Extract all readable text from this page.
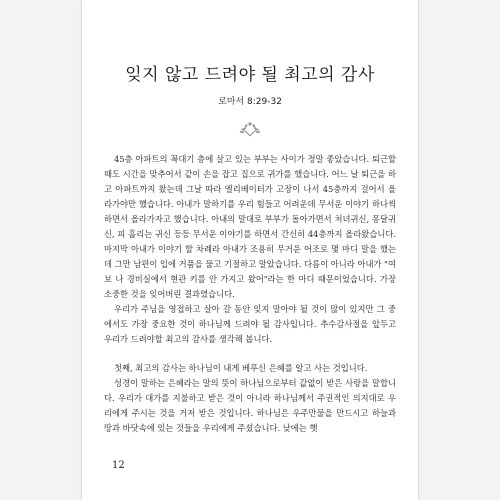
잊지 않고 드려야 될 최고의 감사
로마서 8:29-32

45층 아파트의 꼭대기 층에 살고 있는 부부는 사이가 정말 좋았습니다. 퇴근할 때도 시간을 맞추어서 같이 손을 잡고 집으로 귀가를 했습니다. 어느 날 퇴근을 하고 아파트까지 왔는데 그날 따라 엘리베이터가 고장이 나서 45층까지 걸어서 올라가야만 했습니다. 아내가 말하기를 우리 힘들고 어려운데 무서운 이야기 하나씩 하면서 올라가자고 했습니다. 아내의 말대로 부부가 돌아가면서 처녀귀신, 몽달귀신, 피 흘리는 귀신 등등 무서운 이야기를 하면서 간신히 44층까지 올라왔습니다. 마지막 아내가 이야기 할 차례라 아내가 조용히 무거운 어조로 몇 마디 말을 했는데 그만 남편이 입에 거품을 물고 기절하고 말았습니다. 다름이 아니라 아내가 "여보 나 경비실에서 현관 키를 안 가지고 왔어"라는 한 마디 때문이었습니다. 가장 소중한 것을 잊어버린 결과였습니다.

우리가 주님을 영접하고 살아 갈 동안 잊지 말아야 될 것이 많이 있지만 그 중에서도 가장 중요한 것이 하나님께 드려야 될 감사입니다. 추수감사절을 앞두고 우리가 드려야할 최고의 감사를 생각해 봅니다.

첫째, 최고의 감사는 하나님이 내게 베푸신 은혜를 알고 사는 것입니다.

성경이 말하는 은혜라는 말의 뜻이 하나님으로부터 값없이 받은 사랑을 말합니다. 우리가 대가를 지불하고 받은 것이 아니라 하나님께서 주권적인 의지대로 우리에게 주시는 것을 거저 받은 것입니다. 하나님은 우주만물을 만드시고 하늘과 땅과 바닷속에 있는 것들을 우리에게 주셨습니다. 낮에는 햇

12
